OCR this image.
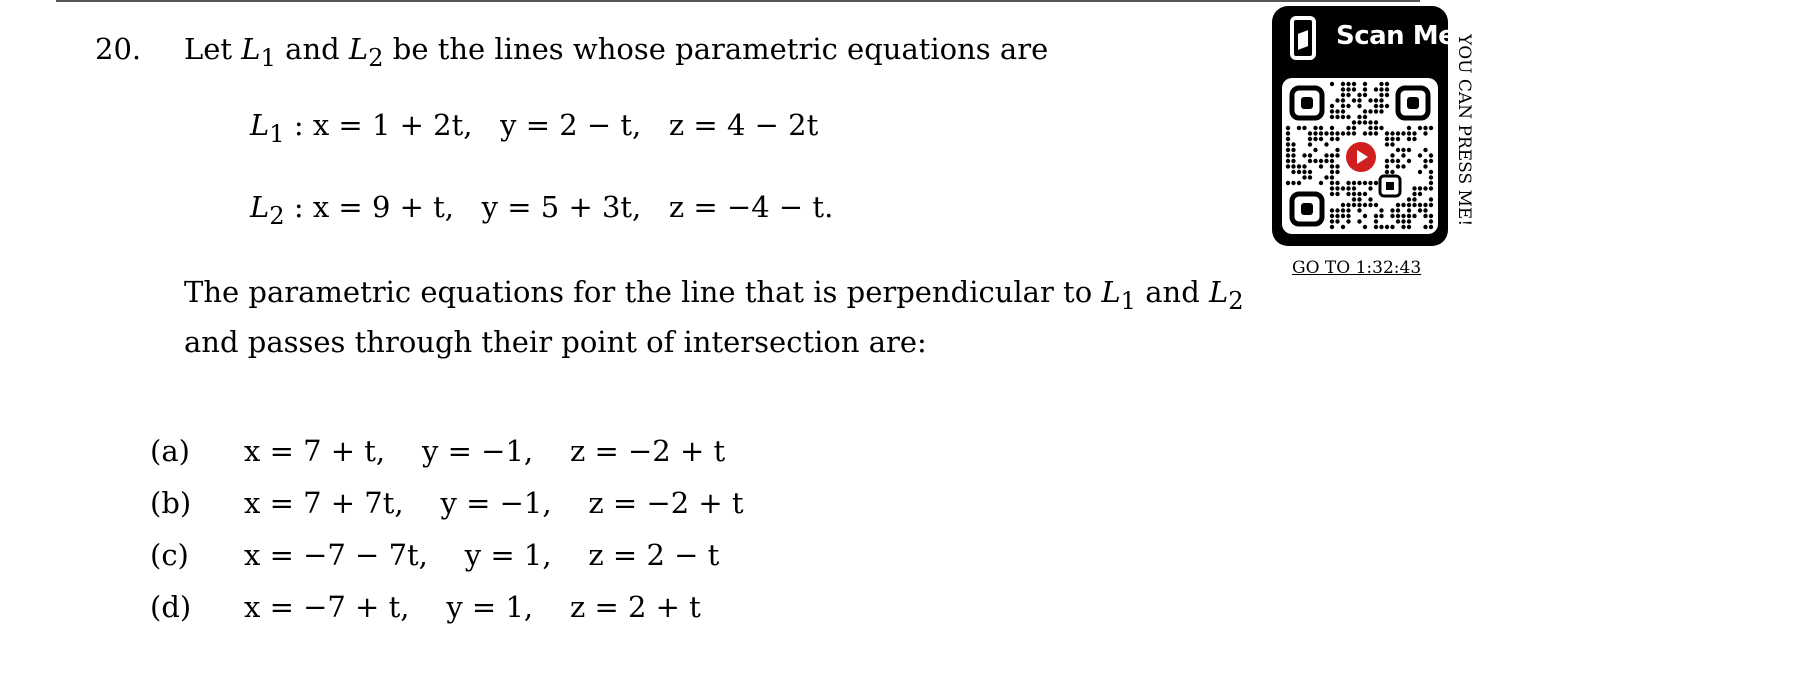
20. Let $L_1$ and $L_2$ be the lines whose parametric equations are
$L_1$ : x = 1 + 2t,   y = 2 − t,   z = 4 − 2t
$L_2$ : x = 9 + t,   y = 5 + 3t,   z = −4 − t.
The parametric equations for the line that is perpendicular to $L_1$ and $L_2$
and passes through their point of intersection are:
(a) x = 7 + t,    y = −1,    z = −2 + t
(b) x = 7 + 7t,    y = −1,    z = −2 + t
(c) x = −7 − 7t,    y = 1,    z = 2 − t
(d) x = −7 + t,    y = 1,    z = 2 + t
Scan Me
YOU CAN PRESS ME!
GO TO 1:32:43
